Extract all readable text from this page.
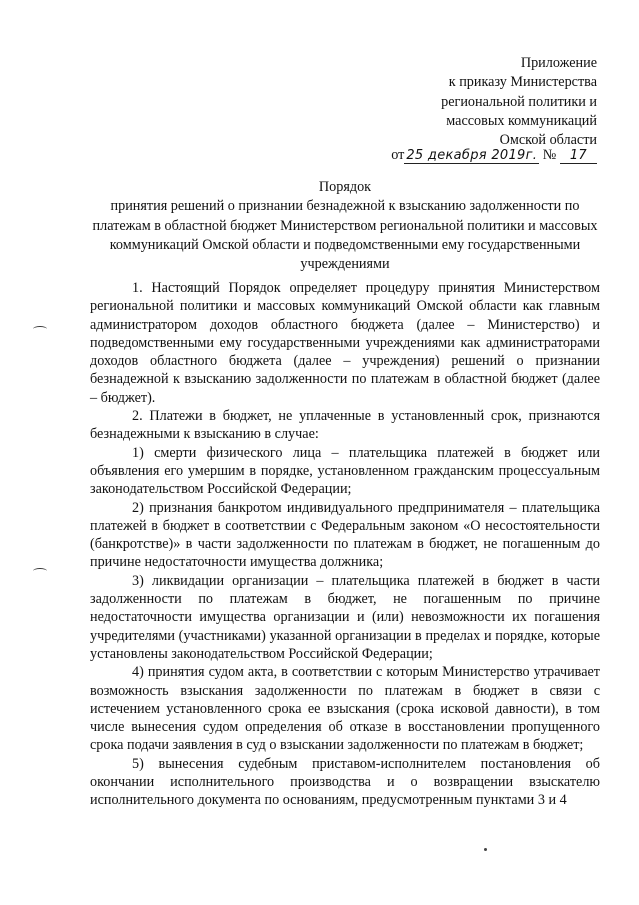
Приложение
к приказу Министерства
региональной политики и
массовых коммуникаций
Омской области
от 25 декабря 2019г. № 17
Порядок
принятия решений о признании безнадежной к взысканию задолженности по платежам в областной бюджет Министерством региональной политики и массовых коммуникаций Омской области и подведомственными ему государственными учреждениями

1. Настоящий Порядок определяет процедуру принятия Министерством региональной политики и массовых коммуникаций Омской области как главным администратором доходов областного бюджета (далее – Министерство) и подведомственными ему государственными учреждениями как администраторами доходов областного бюджета (далее – учреждения) решений о признании безнадежной к взысканию задолженности по платежам в областной бюджет (далее – бюджет).

2. Платежи в бюджет, не уплаченные в установленный срок, признаются безнадежными к взысканию в случае:

1) смерти физического лица – плательщика платежей в бюджет или объявления его умершим в порядке, установленном гражданским процессуальным законодательством Российской Федерации;

2) признания банкротом индивидуального предпринимателя – плательщика платежей в бюджет в соответствии с Федеральным законом «О несостоятельности (банкротстве)» в части задолженности по платежам в бюджет, не погашенным до причине недостаточности имущества должника;

3) ликвидации организации – плательщика платежей в бюджет в части задолженности по платежам в бюджет, не погашенным по причине недостаточности имущества организации и (или) невозможности их погашения учредителями (участниками) указанной организации в пределах и порядке, которые установлены законодательством Российской Федерации;

4) принятия судом акта, в соответствии с которым Министерство утрачивает возможность взыскания задолженности по платежам в бюджет в связи с истечением установленного срока ее взыскания (срока исковой давности), в том числе вынесения судом определения об отказе в восстановлении пропущенного срока подачи заявления в суд о взыскании задолженности по платежам в бюджет;

5) вынесения судебным приставом-исполнителем постановления об окончании исполнительного производства и о возвращении взыскателю исполнительного документа по основаниям, предусмотренным пунктами 3 и 4
